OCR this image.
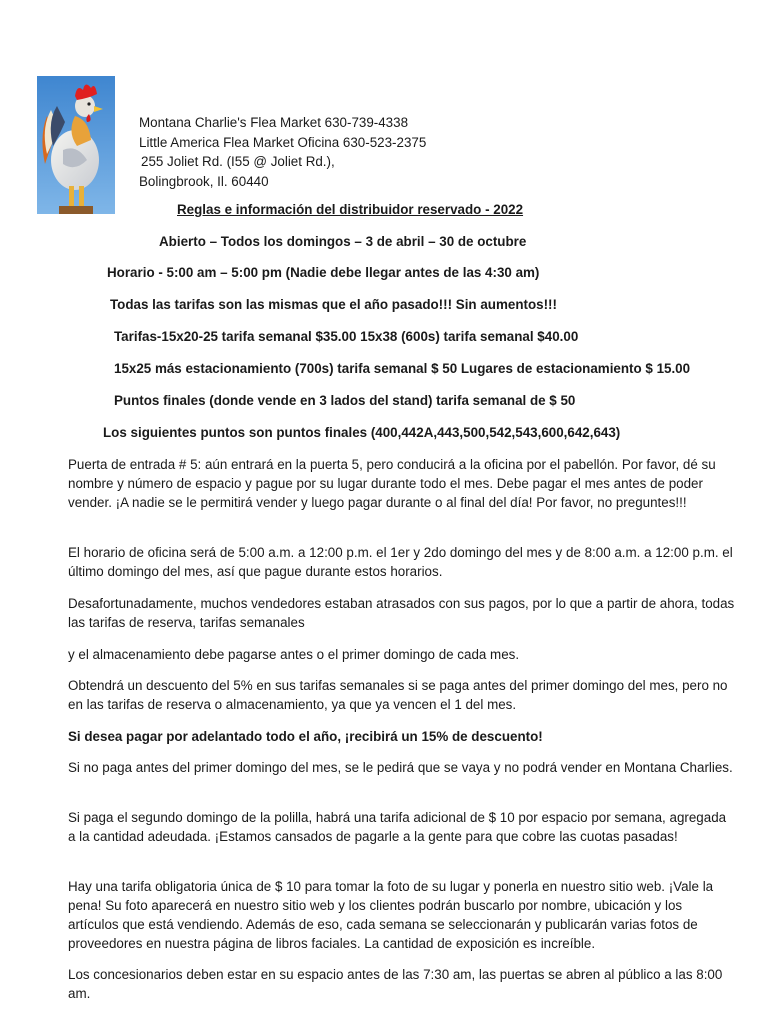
Montana Charlie's Flea Market 630-739-4338
Little America Flea Market Oficina 630-523-2375
255 Joliet Rd. (I55 @ Joliet Rd.),
Bolingbrook, Il. 60440
Reglas e información del distribuidor reservado - 2022
Abierto – Todos los domingos – 3 de abril – 30 de octubre
Horario - 5:00 am – 5:00 pm (Nadie debe llegar antes de las 4:30 am)
Todas las tarifas son las mismas que el año pasado!!! Sin aumentos!!!
Tarifas-15x20-25 tarifa semanal $35.00 15x38 (600s) tarifa semanal $40.00
15x25 más estacionamiento (700s) tarifa semanal $ 50 Lugares de estacionamiento $ 15.00
Puntos finales (donde vende en 3 lados del stand) tarifa semanal de $ 50
Los siguientes puntos son puntos finales (400,442A,443,500,542,543,600,642,643)
Puerta de entrada # 5: aún entrará en la puerta 5, pero conducirá a la oficina por el pabellón. Por favor, dé su nombre y número de espacio y pague por su lugar durante todo el mes. Debe pagar el mes antes de poder vender. ¡A nadie se le permitirá vender y luego pagar durante o al final del día! Por favor, no preguntes!!!
El horario de oficina será de 5:00 a.m. a 12:00 p.m. el 1er y 2do domingo del mes y de 8:00 a.m. a 12:00 p.m. el último domingo del mes, así que pague durante estos horarios.
Desafortunadamente, muchos vendedores estaban atrasados con sus pagos, por lo que a partir de ahora, todas las tarifas de reserva, tarifas semanales
y el almacenamiento debe pagarse antes o el primer domingo de cada mes.
Obtendrá un descuento del 5% en sus tarifas semanales si se paga antes del primer domingo del mes, pero no en las tarifas de reserva o almacenamiento, ya que ya vencen el 1 del mes.
Si desea pagar por adelantado todo el año, ¡recibirá un 15% de descuento!
Si no paga antes del primer domingo del mes, se le pedirá que se vaya y no podrá vender en Montana Charlies.
Si paga el segundo domingo de la polilla, habrá una tarifa adicional de $ 10 por espacio por semana, agregada a la cantidad adeudada. ¡Estamos cansados de pagarle a la gente para que cobre las cuotas pasadas!
Hay una tarifa obligatoria única de $ 10 para tomar la foto de su lugar y ponerla en nuestro sitio web. ¡Vale la pena! Su foto aparecerá en nuestro sitio web y los clientes podrán buscarlo por nombre, ubicación y los artículos que está vendiendo. Además de eso, cada semana se seleccionarán y publicarán varias fotos de proveedores en nuestra página de libros faciales. La cantidad de exposición es increíble.
Los concesionarios deben estar en su espacio antes de las 7:30 am, las puertas se abren al público a las 8:00 am.
